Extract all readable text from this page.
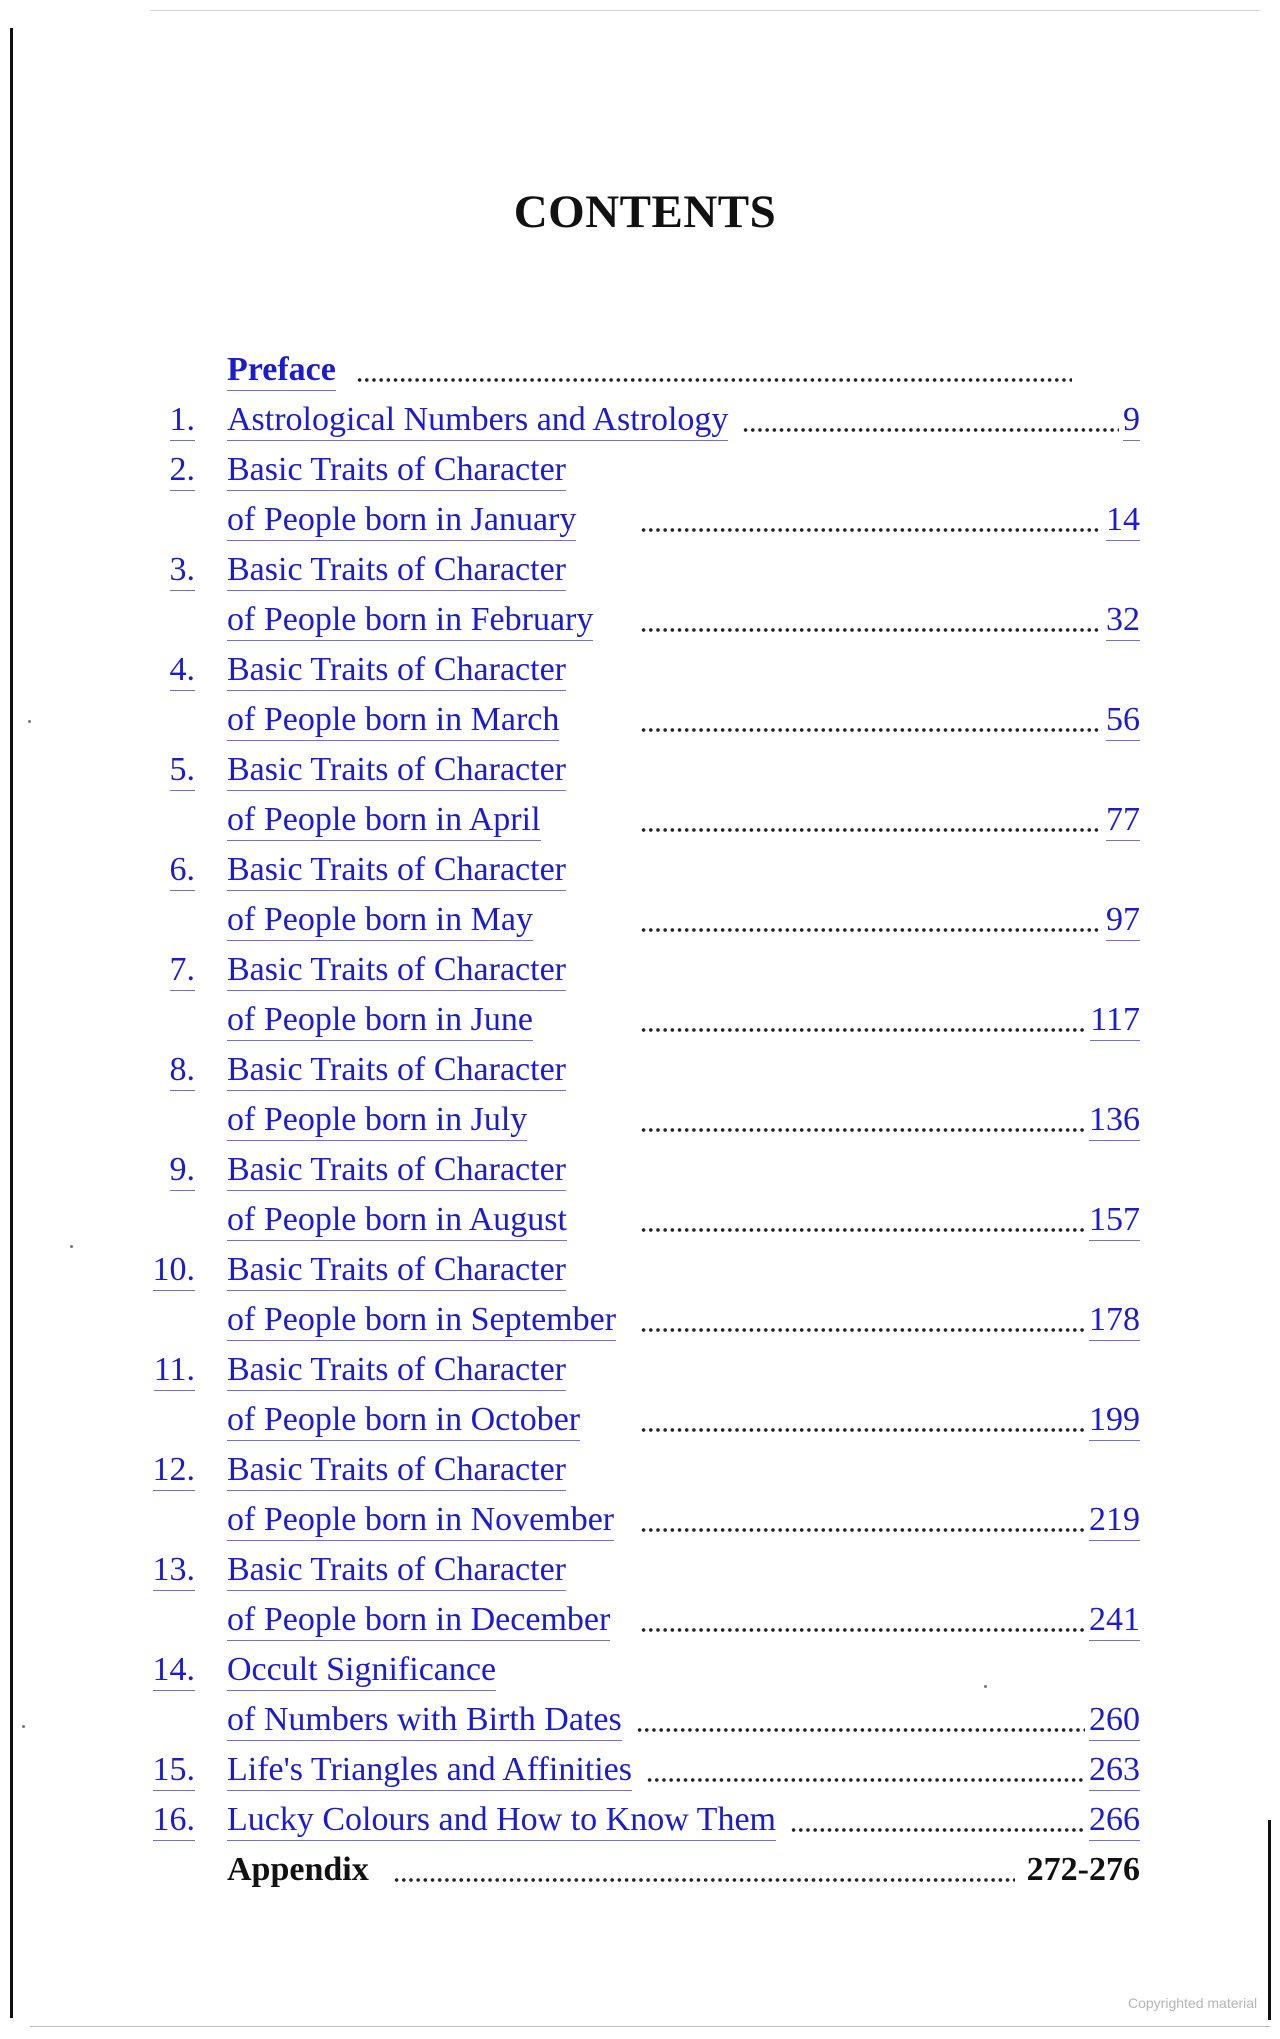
CONTENTS
Preface
1. Astrological Numbers and Astrology	9
2. Basic Traits of Character
of People born in January	14
3. Basic Traits of Character
of People born in February	32
4. Basic Traits of Character
of People born in March	56
5. Basic Traits of Character
of People born in April	77
6. Basic Traits of Character
of People born in May	97
7. Basic Traits of Character
of People born in June	117
8. Basic Traits of Character
of People born in July	136
9. Basic Traits of Character
of People born in August	157
10. Basic Traits of Character
of People born in September	178
11. Basic Traits of Character
of People born in October	199
12. Basic Traits of Character
of People born in November	219
13. Basic Traits of Character
of People born in December	241
14. Occult Significance
of Numbers with Birth Dates	260
15. Life's Triangles and Affinities	263
16. Lucky Colours and How to Know Them	266
Appendix	272-276
Copyrighted material
